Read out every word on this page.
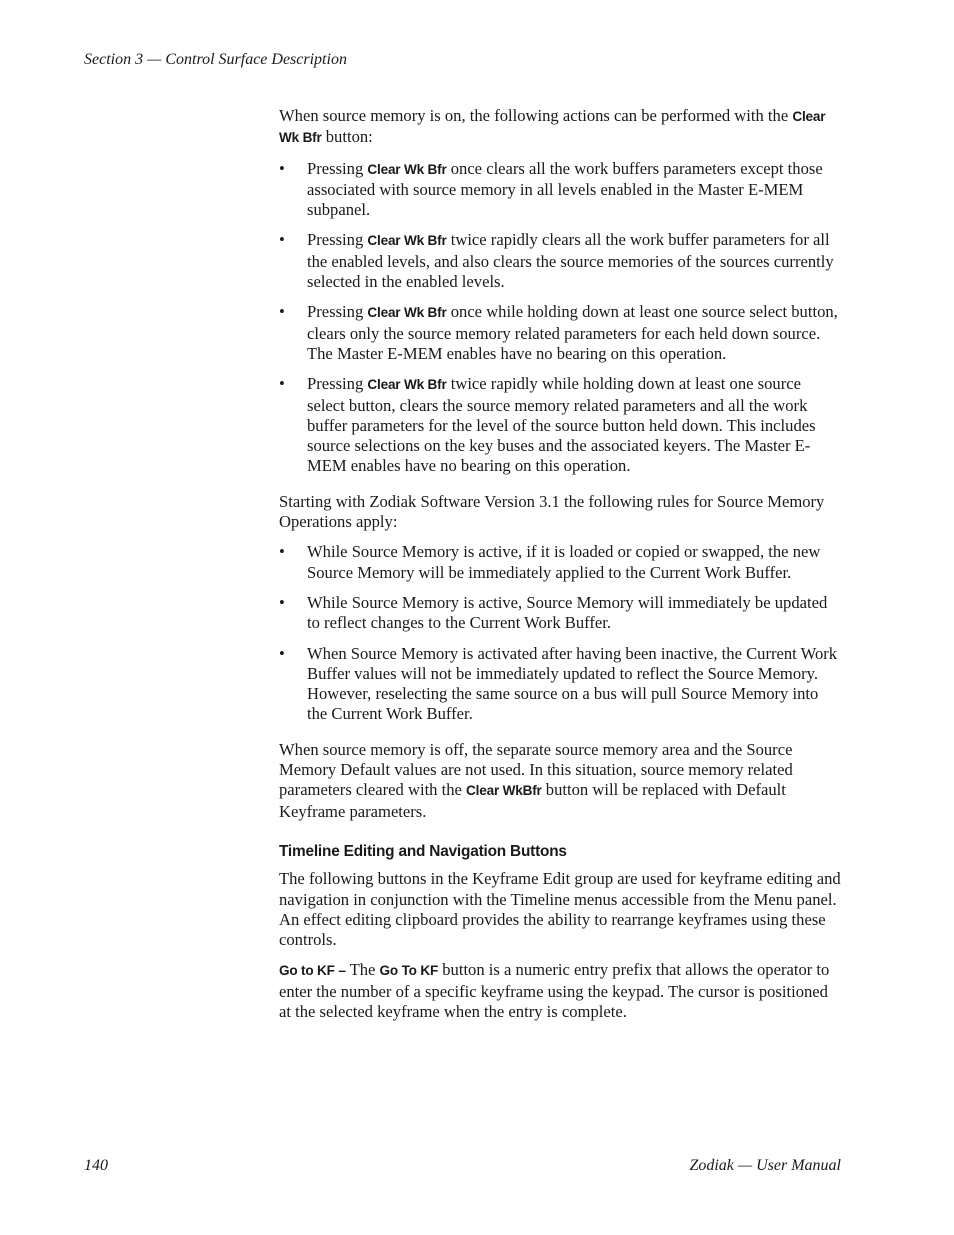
Section 3 — Control Surface Description

When source memory is on, the following actions can be performed with the Clear Wk Bfr button:

• Pressing Clear Wk Bfr once clears all the work buffers parameters except those associated with source memory in all levels enabled in the Master E-MEM subpanel.
• Pressing Clear Wk Bfr twice rapidly clears all the work buffer parameters for all the enabled levels, and also clears the source memories of the sources currently selected in the enabled levels.
• Pressing Clear Wk Bfr once while holding down at least one source select button, clears only the source memory related parameters for each held down source. The Master E-MEM enables have no bearing on this operation.
• Pressing Clear Wk Bfr twice rapidly while holding down at least one source select button, clears the source memory related parameters and all the work buffer parameters for the level of the source button held down. This includes source selections on the key buses and the associated keyers. The Master E-MEM enables have no bearing on this operation.

Starting with Zodiak Software Version 3.1 the following rules for Source Memory Operations apply:

• While Source Memory is active, if it is loaded or copied or swapped, the new Source Memory will be immediately applied to the Current Work Buffer.
• While Source Memory is active, Source Memory will immediately be updated to reflect changes to the Current Work Buffer.
• When Source Memory is activated after having been inactive, the Current Work Buffer values will not be immediately updated to reflect the Source Memory. However, reselecting the same source on a bus will pull Source Memory into the Current Work Buffer.

When source memory is off, the separate source memory area and the Source Memory Default values are not used. In this situation, source memory related parameters cleared with the Clear WkBfr button will be replaced with Default Keyframe parameters.

Timeline Editing and Navigation Buttons

The following buttons in the Keyframe Edit group are used for keyframe editing and navigation in conjunction with the Timeline menus accessible from the Menu panel. An effect editing clipboard provides the ability to rearrange keyframes using these controls.

Go to KF – The Go To KF button is a numeric entry prefix that allows the operator to enter the number of a specific keyframe using the keypad. The cursor is positioned at the selected keyframe when the entry is complete.

140	Zodiak — User Manual
